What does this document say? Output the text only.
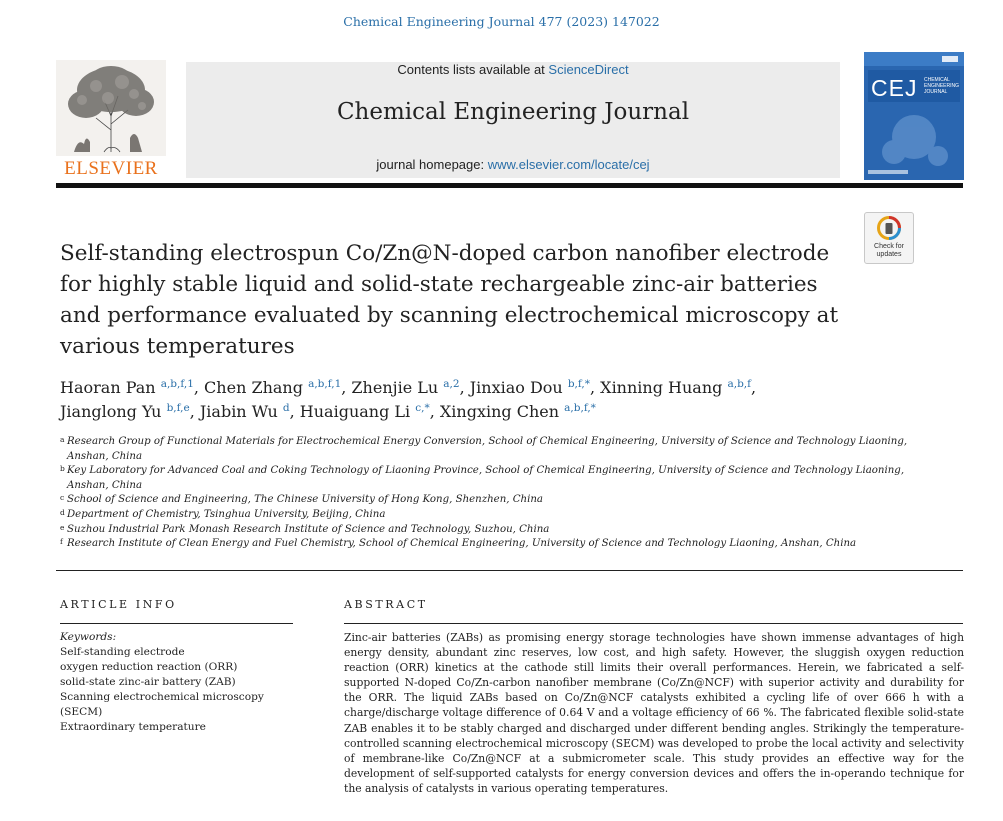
Chemical Engineering Journal 477 (2023) 147022
ELSEVIER
Contents lists available at ScienceDirect
Chemical Engineering Journal
journal homepage: www.elsevier.com/locate/cej
CEJ CHEMICAL
ENGINEERING
JOURNAL
Check for
updates
Self-standing electrospun Co/Zn@N-doped carbon nanofiber electrode for highly stable liquid and solid-state rechargeable zinc-air batteries and performance evaluated by scanning electrochemical microscopy at various temperatures
Haoran Pan $^{a,b,f,1}$, Chen Zhang $^{a,b,f,1}$, Zhenjie Lu $^{a,2}$, Jinxiao Dou $^{b,f,*}$, Xinning Huang $^{a,b,f}$,
Jianglong Yu $^{b,f,e}$, Jiabin Wu $^d$, Huaiguang Li $^{c,*}$, Xingxing Chen $^{a,b,f,*}$
a Research Group of Functional Materials for Electrochemical Energy Conversion, School of Chemical Engineering, University of Science and Technology Liaoning, Anshan, China
b Key Laboratory for Advanced Coal and Coking Technology of Liaoning Province, School of Chemical Engineering, University of Science and Technology Liaoning, Anshan, China
c School of Science and Engineering, The Chinese University of Hong Kong, Shenzhen, China
d Department of Chemistry, Tsinghua University, Beijing, China
e Suzhou Industrial Park Monash Research Institute of Science and Technology, Suzhou, China
f Research Institute of Clean Energy and Fuel Chemistry, School of Chemical Engineering, University of Science and Technology Liaoning, Anshan, China
ARTICLE INFO
Keywords:
Self-standing electrode
oxygen reduction reaction (ORR)
solid-state zinc-air battery (ZAB)
Scanning electrochemical microscopy (SECM)
Extraordinary temperature
ABSTRACT
Zinc-air batteries (ZABs) as promising energy storage technologies have shown immense advantages of high energy density, abundant zinc reserves, low cost, and high safety. However, the sluggish oxygen reduction reaction (ORR) kinetics at the cathode still limits their overall performances. Herein, we fabricated a self-supported N-doped Co/Zn-carbon nanofiber membrane (Co/Zn@NCF) with superior activity and durability for the ORR. The liquid ZABs based on Co/Zn@NCF catalysts exhibited a cycling life of over 666 h with a charge/discharge voltage difference of 0.64 V and a voltage efficiency of 66 %. The fabricated flexible solid-state ZAB enables it to be stably charged and discharged under different bending angles. Strikingly the temperature-controlled scanning electrochemical microscopy (SECM) was developed to probe the local activity and selectivity of membrane-like Co/Zn@NCF at a submicrometer scale. This study provides an effective way for the development of self-supported catalysts for energy conversion devices and offers the in-operando technique for the analysis of catalysts in various operating temperatures.
